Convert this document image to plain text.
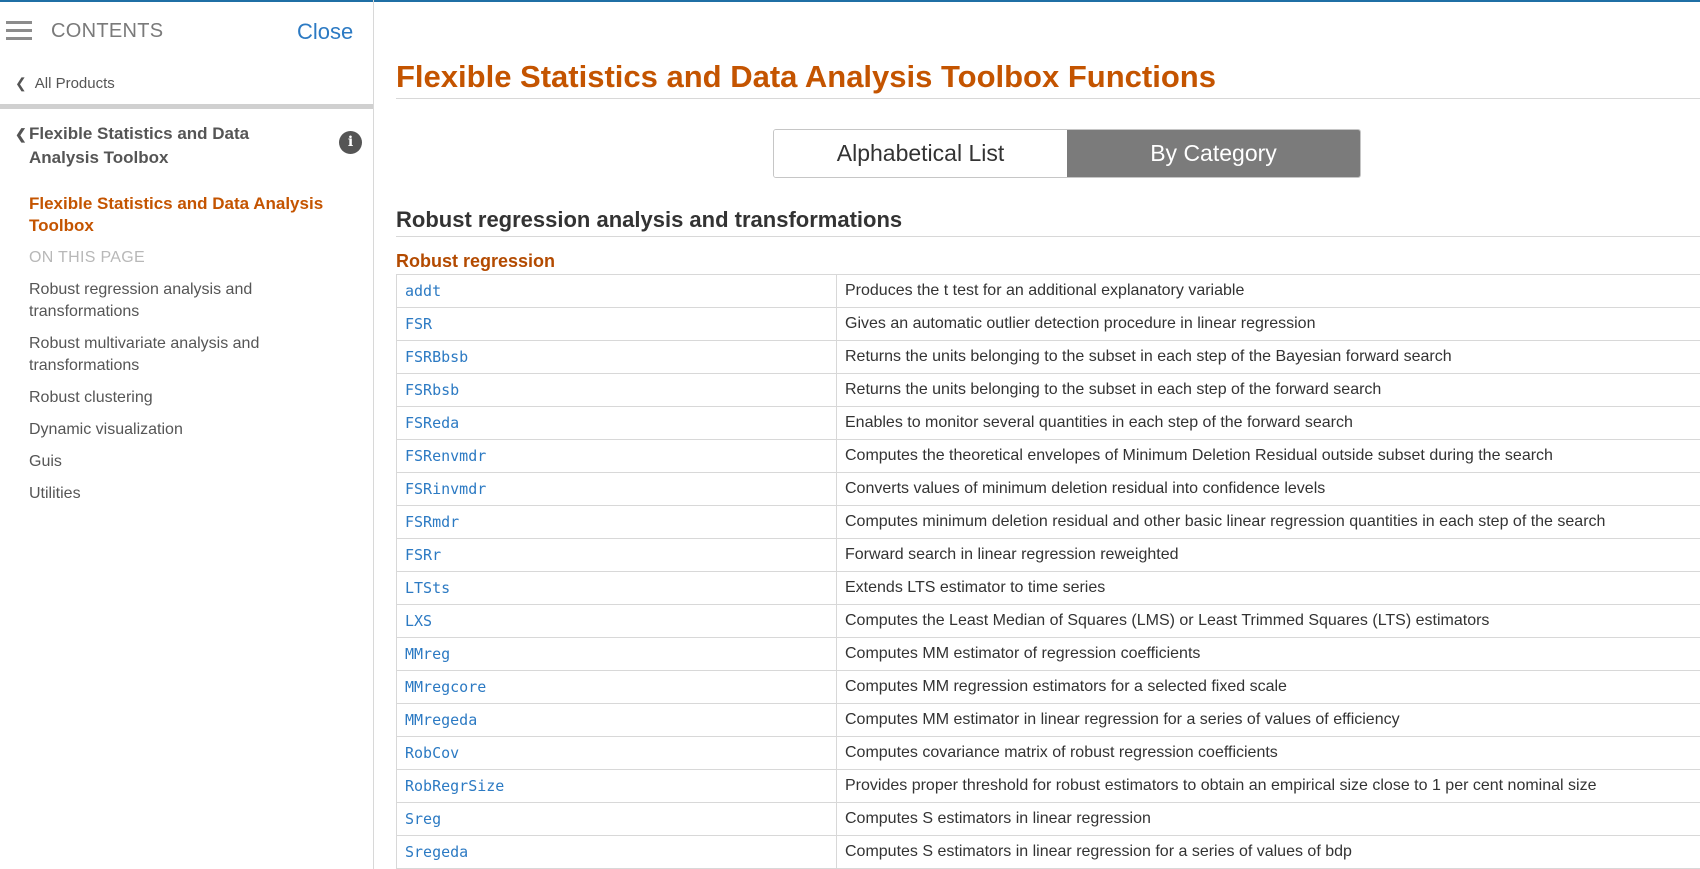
CONTENTS	Close
❮ All Products
❮ Flexible Statistics and Data Analysis Toolbox
i
Flexible Statistics and Data Analysis Toolbox
ON THIS PAGE
Robust regression analysis and transformations
Robust multivariate analysis and transformations
Robust clustering
Dynamic visualization
Guis
Utilities
Flexible Statistics and Data Analysis Toolbox Functions
Alphabetical List	By Category
Robust regression analysis and transformations
Robust regression
addt	Produces the t test for an additional explanatory variable
FSR	Gives an automatic outlier detection procedure in linear regression
FSRBbsb	Returns the units belonging to the subset in each step of the Bayesian forward search
FSRbsb	Returns the units belonging to the subset in each step of the forward search
FSReda	Enables to monitor several quantities in each step of the forward search
FSRenvmdr	Computes the theoretical envelopes of Minimum Deletion Residual outside subset during the search
FSRinvmdr	Converts values of minimum deletion residual into confidence levels
FSRmdr	Computes minimum deletion residual and other basic linear regression quantities in each step of the search
FSRr	Forward search in linear regression reweighted
LTSts	Extends LTS estimator to time series
LXS	Computes the Least Median of Squares (LMS) or Least Trimmed Squares (LTS) estimators
MMreg	Computes MM estimator of regression coefficients
MMregcore	Computes MM regression estimators for a selected fixed scale
MMregeda	Computes MM estimator in linear regression for a series of values of efficiency
RobCov	Computes covariance matrix of robust regression coefficients
RobRegrSize	Provides proper threshold for robust estimators to obtain an empirical size close to 1 per cent nominal size
Sreg	Computes S estimators in linear regression
Sregeda	Computes S estimators in linear regression for a series of values of bdp
